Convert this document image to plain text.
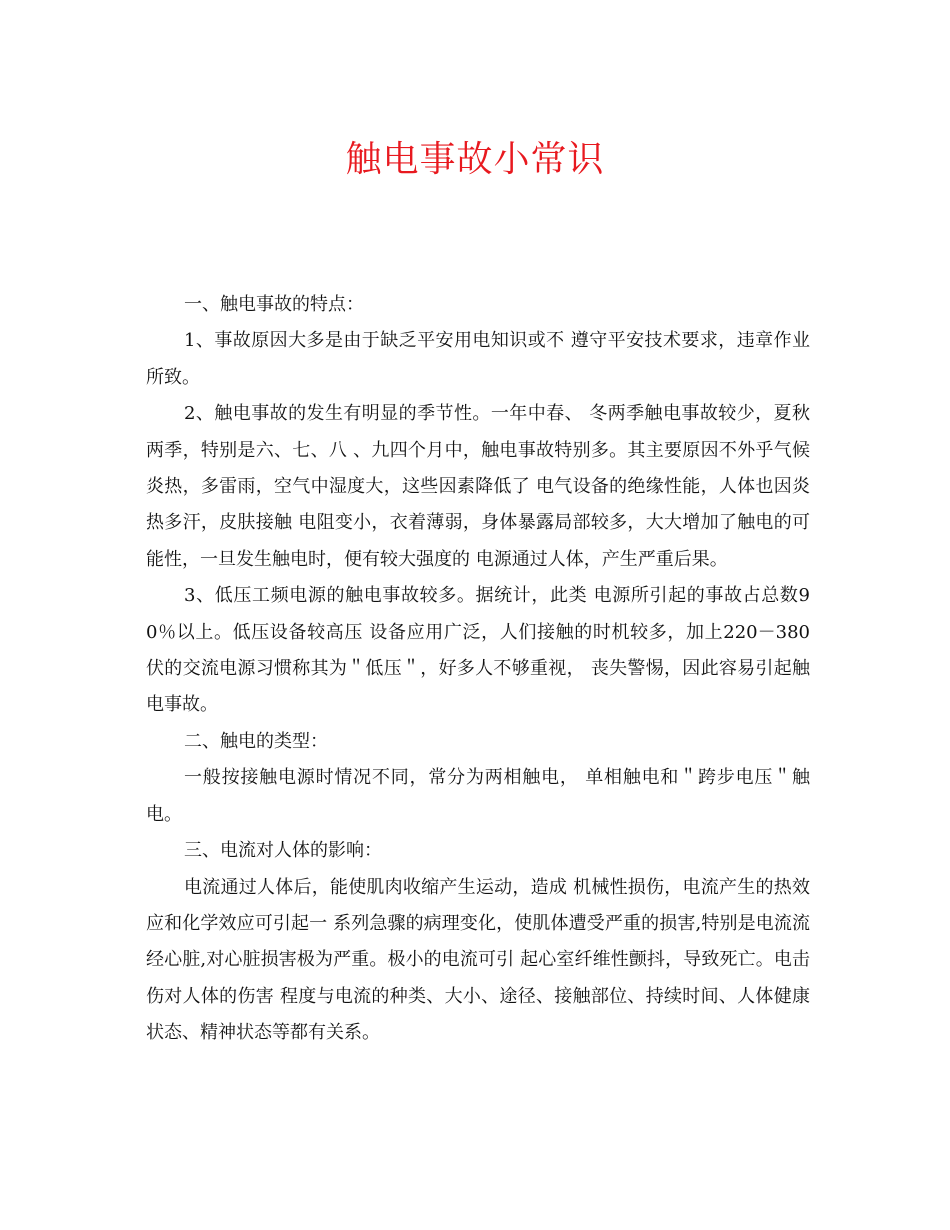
触电事故小常识

一、触电事故的特点：

1、事故原因大多是由于缺乏平安用电知识或不 遵守平安技术要求，违章作业所致。

2、触电事故的发生有明显的季节性。一年中春、 冬两季触电事故较少，夏秋两季，特别是六、七、八 、九四个月中，触电事故特别多。其主要原因不外乎气候炎热，多雷雨，空气中湿度大，这些因素降低了 电气设备的绝缘性能，人体也因炎热多汗，皮肤接触 电阻变小，衣着薄弱，身体暴露局部较多，大大增加了触电的可能性，一旦发生触电时，便有较大强度的 电源通过人体，产生严重后果。

3、低压工频电源的触电事故较多。据统计，此类 电源所引起的事故占总数90％以上。低压设备较高压 设备应用广泛，人们接触的时机较多，加上220－380 伏的交流电源习惯称其为＂低压＂，好多人不够重视， 丧失警惕，因此容易引起触电事故。

二、触电的类型：

一般按接触电源时情况不同，常分为两相触电， 单相触电和＂跨步电压＂触电。

三、电流对人体的影响：

电流通过人体后，能使肌肉收缩产生运动，造成 机械性损伤，电流产生的热效应和化学效应可引起一 系列急骤的病理变化，使肌体遭受严重的损害,特别是电流流经心脏,对心脏损害极为严重。极小的电流可引 起心室纤维性颤抖，导致死亡。电击伤对人体的伤害 程度与电流的种类、大小、途径、接触部位、持续时间、人体健康状态、精神状态等都有关系。
